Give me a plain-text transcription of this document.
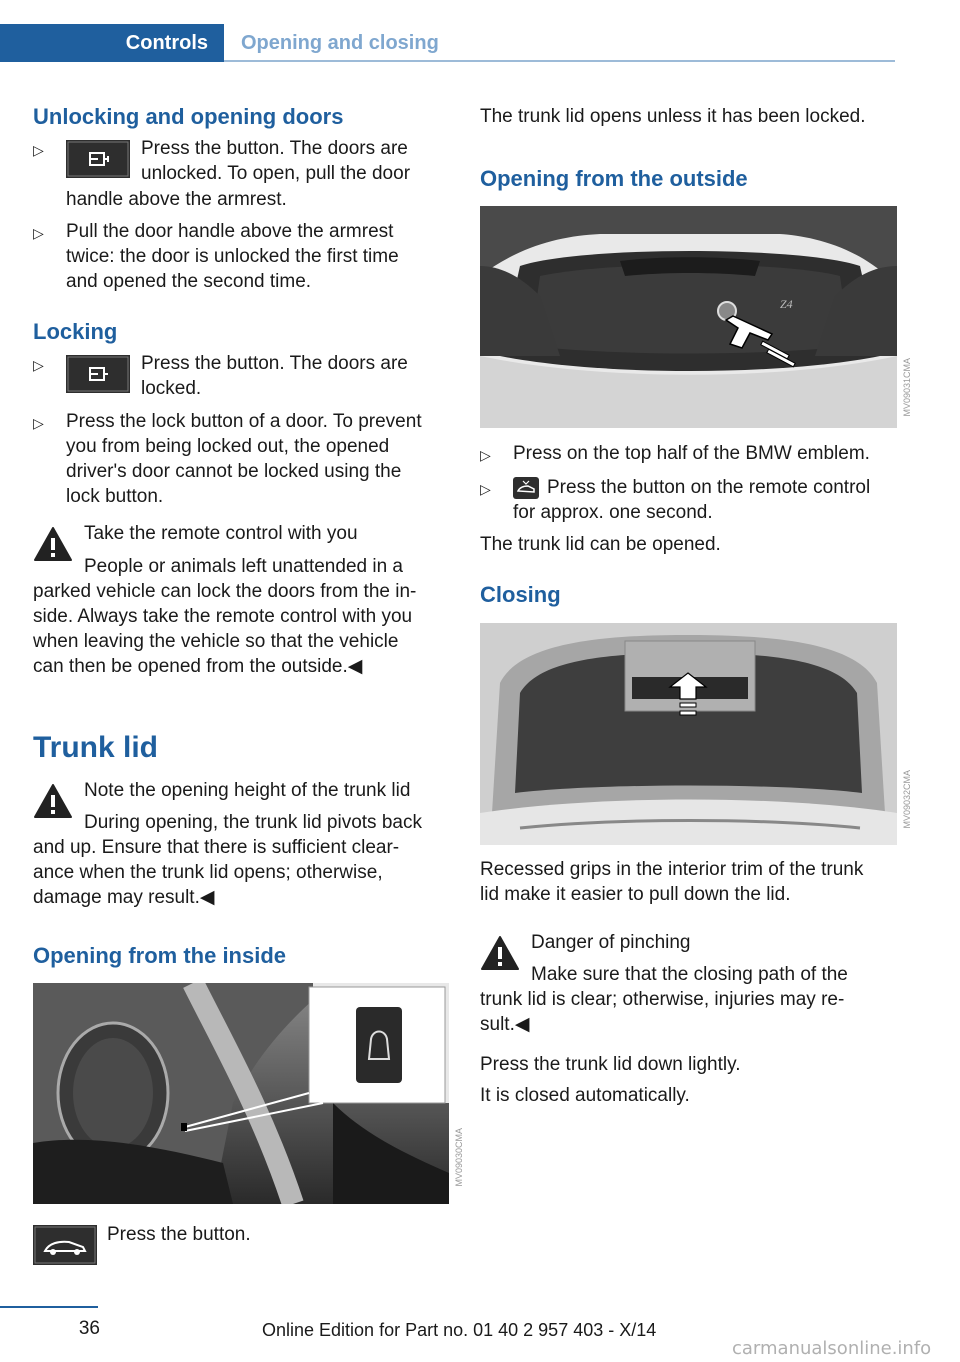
Controls	Opening and closing
Unlocking and opening doors
▷	Press the button. The doors are
unlocked. To open, pull the door
handle above the armrest.
▷ Pull the door handle above the armrest
twice: the door is unlocked the first time
and opened the second time.
Locking
▷	Press the button. The doors are
locked.
▷ Press the lock button of a door. To prevent
you from being locked out, the opened
driver's door cannot be locked using the
lock button.
Take the remote control with you
People or animals left unattended in a
parked vehicle can lock the doors from the in‐
side. Always take the remote control with you
when leaving the vehicle so that the vehicle
can then be opened from the outside.◀
Trunk lid
Note the opening height of the trunk lid
During opening, the trunk lid pivots back
and up. Ensure that there is sufficient clear‐
ance when the trunk lid opens; otherwise,
damage may result.◀
Opening from the inside
MV09030CMA
Press the button.
The trunk lid opens unless it has been locked.
Opening from the outside
Z4
MV09031CMA
▷ Press on the top half of the BMW emblem.
▷	Press the button on the remote control
for approx. one second.
The trunk lid can be opened.
Closing
MV09032CMA
Recessed grips in the interior trim of the trunk
lid make it easier to pull down the lid.
Danger of pinching
Make sure that the closing path of the
trunk lid is clear; otherwise, injuries may re‐
sult.◀
Press the trunk lid down lightly.
It is closed automatically.
36	Online Edition for Part no. 01 40 2 957 403 - X/14
carmanualsonline.info
